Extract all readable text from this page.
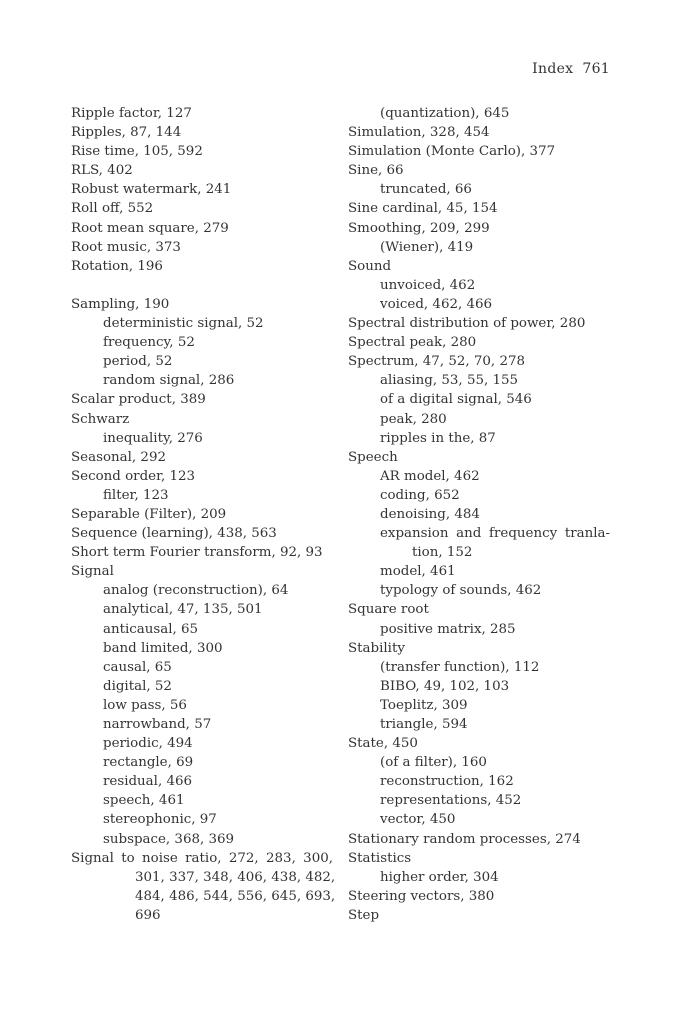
Index 761
Ripple factor, 127
Ripples, 87, 144
Rise time, 105, 592
RLS, 402
Robust watermark, 241
Roll off, 552
Root mean square, 279
Root music, 373
Rotation, 196
Sampling, 190
deterministic signal, 52
frequency, 52
period, 52
random signal, 286
Scalar product, 389
Schwarz
inequality, 276
Seasonal, 292
Second order, 123
filter, 123
Separable (Filter), 209
Sequence (learning), 438, 563
Short term Fourier transform, 92, 93
Signal
analog (reconstruction), 64
analytical, 47, 135, 501
anticausal, 65
band limited, 300
causal, 65
digital, 52
low pass, 56
narrowband, 57
periodic, 494
rectangle, 69
residual, 466
speech, 461
stereophonic, 97
subspace, 368, 369
Signal to noise ratio, 272, 283, 300,
301, 337, 348, 406, 438, 482,
484, 486, 544, 556, 645, 693,
696
(quantization), 645
Simulation, 328, 454
Simulation (Monte Carlo), 377
Sine, 66
truncated, 66
Sine cardinal, 45, 154
Smoothing, 209, 299
(Wiener), 419
Sound
unvoiced, 462
voiced, 462, 466
Spectral distribution of power, 280
Spectral peak, 280
Spectrum, 47, 52, 70, 278
aliasing, 53, 55, 155
of a digital signal, 546
peak, 280
ripples in the, 87
Speech
AR model, 462
coding, 652
denoising, 484
expansion and frequency tranla-
tion, 152
model, 461
typology of sounds, 462
Square root
positive matrix, 285
Stability
(transfer function), 112
BIBO, 49, 102, 103
Toeplitz, 309
triangle, 594
State, 450
(of a filter), 160
reconstruction, 162
representations, 452
vector, 450
Stationary random processes, 274
Statistics
higher order, 304
Steering vectors, 380
Step
